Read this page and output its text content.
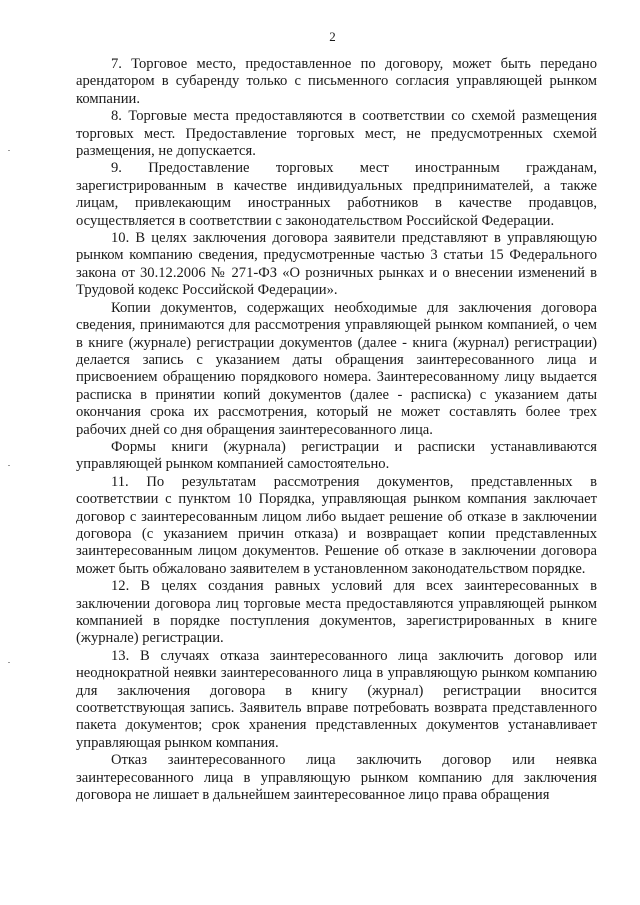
2

7. Торговое место, предоставленное по договору, может быть передано арендатором в субаренду только с письменного согласия управляющей рынком компании.

8. Торговые места предоставляются в соответствии со схемой размещения торговых мест. Предоставление торговых мест, не предусмотренных схемой размещения, не допускается.

9. Предоставление торговых мест иностранным гражданам, зарегистрированным в качестве индивидуальных предпринимателей, а также лицам, привлекающим иностранных работников в качестве продавцов, осуществляется в соответствии с законодательством Российской Федерации.

10. В целях заключения договора заявители представляют в управляющую рынком компанию сведения, предусмотренные частью 3 статьи 15 Федерального закона от 30.12.2006 № 271-ФЗ «О розничных рынках и о внесении изменений в Трудовой кодекс Российской Федерации».

Копии документов, содержащих необходимые для заключения договора сведения, принимаются для рассмотрения управляющей рынком компанией, о чем в книге (журнале) регистрации документов (далее - книга (журнал) регистрации) делается запись с указанием даты обращения заинтересованного лица и присвоением обращению порядкового номера. Заинтересованному лицу выдается расписка в принятии копий документов (далее - расписка) с указанием даты окончания срока их рассмотрения, который не может составлять более трех рабочих дней со дня обращения заинтересованного лица.

Формы книги (журнала) регистрации и расписки устанавливаются управляющей рынком компанией самостоятельно.

11. По результатам рассмотрения документов, представленных в соответствии с пунктом 10 Порядка, управляющая рынком компания заключает договор с заинтересованным лицом либо выдает решение об отказе в заключении договора (с указанием причин отказа) и возвращает копии представленных заинтересованным лицом документов. Решение об отказе в заключении договора может быть обжаловано заявителем в установленном законодательством порядке.

12. В целях создания равных условий для всех заинтересованных в заключении договора лиц торговые места предоставляются управляющей рынком компанией в порядке поступления документов, зарегистрированных в книге (журнале) регистрации.

13. В случаях отказа заинтересованного лица заключить договор или неоднократной неявки заинтересованного лица в управляющую рынком компанию для заключения договора в книгу (журнал) регистрации вносится соответствующая запись. Заявитель вправе потребовать возврата представленного пакета документов; срок хранения представленных документов устанавливает управляющая рынком компания.

Отказ заинтересованного лица заключить договор или неявка заинтересованного лица в управляющую рынком компанию для заключения договора не лишает в дальнейшем заинтересованное лицо права обращения
